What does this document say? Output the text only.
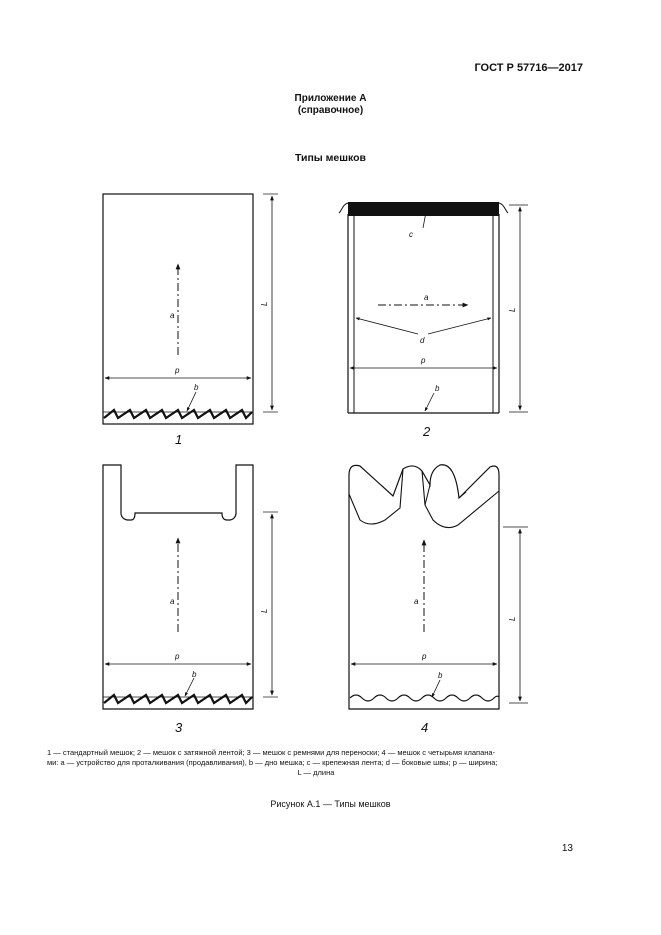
ГОСТ Р 57716—2017
Приложение А
(справочное)
Типы мешков
a
p
b
L
1
c
a
d
p
b
L
2
a
p
b
L
3
a
p
b
L
4
1 — стандартный мешок; 2 — мешок с затяжной лентой; 3 — мешок с ремнями для переноски; 4 — мешок с четырьмя клапана-
ми: a — устройство для проталкивания (продавливания), b — дно мешка; c — крепежная лента; d — боковые швы; p — ширина;
L — длина
Рисунок А.1 — Типы мешков
13
